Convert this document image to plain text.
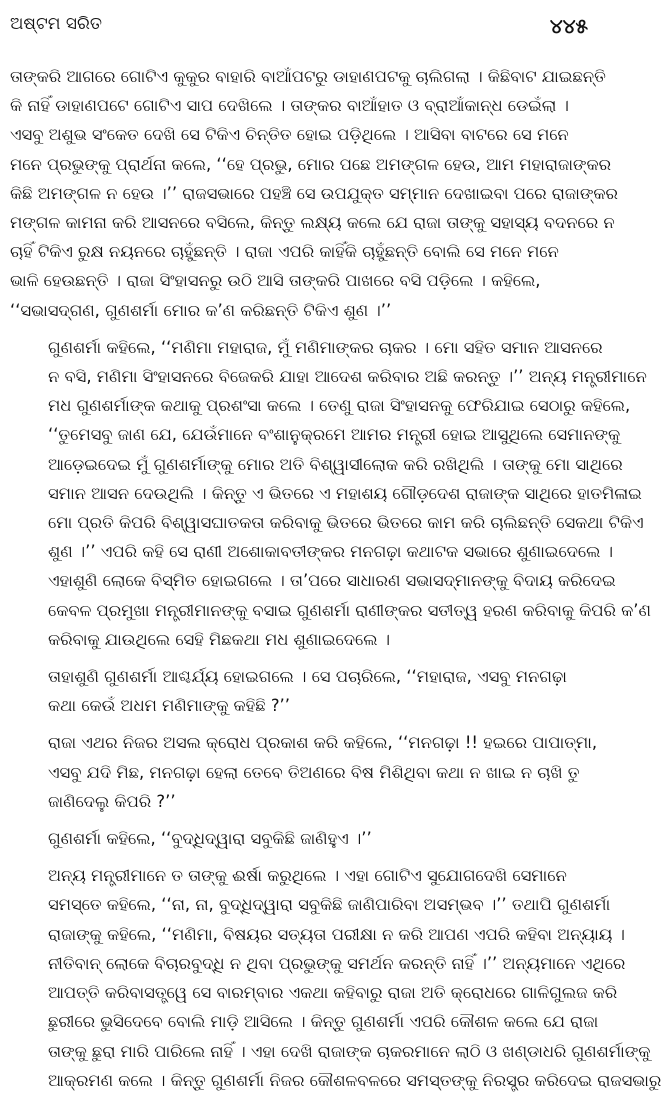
ଅଷ୍ଟମ ସରିତ	୪୪୫

ତାଙ୍କରି ଆଗରେ ଗୋଟିଏ କୁକୁର ବାହାରି ବାଆଁପଟରୁ ଡାହାଣପଟକୁ ଚାଲିଗଲା । କିଛିବାଟ ଯାଇଛନ୍ତି
କି ନାହିଁ ଡାହାଣପଟେ ଗୋଟିଏ ସାପ ଦେଖିଲେ । ତାଙ୍କର ବାଆଁହାତ ଓ ବ୍ରାଆଁକାନ୍ଧ ଡେଇଁଲା ।
ଏସବୁ ଅଶୁଭ ସଂକେତ ଦେଖି ସେ ଟିକିଏ ଚିନ୍ତିତ ହୋଇ ପଡ଼ିଥିଲେ । ଆସିବା ବାଟରେ ସେ ମନେ
ମନେ ପ୍ରଭୁଙ୍କୁ ପ୍ରାର୍ଥନା କଲେ, ‘‘ହେ ପ୍ରଭୁ, ମୋର ପଛେ ଅମଙ୍ଗଳ ହେଉ, ଆମ ମହାରାଜାଙ୍କର
କିଛି ଅମଙ୍ଗଳ ନ ହେଉ ।’’ ରାଜସଭାରେ ପହଞ୍ଚି ସେ ଉପଯୁକ୍ତ ସମ୍ମାନ ଦେଖାଇବା ପରେ ରାଜାଙ୍କର
ମଙ୍ଗଳ କାମନା କରି ଆସନରେ ବସିଲେ, କିନ୍ତୁ ଲକ୍ଷ୍ୟ କଲେ ଯେ ରାଜା ତାଙ୍କୁ ସହାସ୍ୟ ବଦନରେ ନ
ଚାହିଁ ଟିକିଏ ରୁକ୍ଷ ନୟନରେ ଚାହୁଁଛନ୍ତି । ରାଜା ଏପରି କାହିଁକି ଚାହୁଁଛନ୍ତି ବୋଲି ସେ ମନେ ମନେ
ଭାଳି ହେଉଛନ୍ତି । ରାଜା ସିଂହାସନରୁ ଉଠି ଆସି ତାଙ୍କରି ପାଖରେ ବସି ପଡ଼ିଲେ । କହିଲେ,
‘‘ସଭାସଦ୍‌ଗଣ, ଗୁଣଶର୍ମା ମୋର କ’ଣ କରିଛନ୍ତି ଟିକିଏ ଶୁଣ ।’’

ଗୁଣଶର୍ମା କହିଲେ, ‘‘ମଣିମା ମହାରାଜ, ମୁଁ ମଣିମାଙ୍କର ଚାକର । ମୋ ସହିତ ସମାନ ଆସନରେ
ନ ବସି, ମଣିମା ସିଂହାସନରେ ବିଜେକରି ଯାହା ଆଦେଶ କରିବାର ଅଛି କରନ୍ତୁ ।’’ ଅନ୍ୟ ମନ୍ତ୍ରୀମାନେ
ମଧ ଗୁଣଶର୍ମାଙ୍କ କଥାକୁ ପ୍ରଶଂସା କଲେ । ତେଣୁ ରାଜା ସିଂହାସନକୁ ଫେରିଯାଇ ସେଠାରୁ କହିଲେ,
‘‘ତୁମେସବୁ ଜାଣ ଯେ, ଯେଉଁମାନେ ବଂଶାନୁକ୍ରମେ ଆମର ମନ୍ତ୍ରୀ ହୋଇ ଆସୁଥିଲେ ସେମାନଙ୍କୁ
ଆଡ଼େଇଦେଇ ମୁଁ ଗୁଣଶର୍ମାଙ୍କୁ ମୋର ଅତି ବିଶ୍ୱାସୀଲୋକ କରି ରଖିଥିଲି । ତାଙ୍କୁ ମୋ ସାଥିରେ
ସମାନ ଆସନ ଦେଉଥିଲି । କିନ୍ତୁ ଏ ଭିତରେ ଏ ମହାଶୟ ଗୌଡ଼ଦେଶ ରାଜାଙ୍କ ସାଥିରେ ହାତମିଳାଇ
ମୋ ପ୍ରତି କିପରି ବିଶ୍ୱାସଘାତକତା କରିବାକୁ ଭିତରେ ଭିତରେ କାମ କରି ଚାଲିଛନ୍ତି ସେକଥା ଟିକିଏ
ଶୁଣ ।’’ ଏପରି କହି ସେ ରାଣୀ ଅଶୋକାବତୀଙ୍କର ମନଗଢ଼ା କଥାଟକ ସଭାରେ ଶୁଣାଇଦେଲେ ।
ଏହାଶୁଣି ଲୋକେ ବିସ୍ମିତ ହୋଇଗଲେ । ତା’ପରେ ସାଧାରଣ ସଭାସଦ୍‌ମାନଙ୍କୁ ବିଦାୟ କରିଦେଇ
କେବଳ ପ୍ରମୁଖା ମନ୍ତ୍ରୀମାନଙ୍କୁ ବସାଇ ଗୁଣଶର୍ମା ରାଣୀଙ୍କର ସତୀତ୍ୱ ହରଣ କରିବାକୁ କିପରି କ’ଣ
କରିବାକୁ ଯାଉଥିଲେ ସେହି ମିଛକଥା ମଧ ଶୁଣାଇଦେଲେ ।

ତାହାଶୁଣି ଗୁଣଶର୍ମା ଆଶ୍ଚର୍ଯ୍ୟ ହୋଇଗଲେ । ସେ ପଚାରିଲେ, ‘‘ମହାରାଜ, ଏସବୁ ମନଗଢ଼ା
କଥା କେଉଁ ଅଧମ ମଣିମାଙ୍କୁ କହିଛି ?’’

ରାଜା ଏଥର ନିଜର ଅସଲ କ୍ରୋଧ ପ୍ରକାଶ କରି କହିଲେ, ‘‘ମନଗଢ଼ା !! ହଇରେ ପାପାତ୍ମା,
ଏସବୁ ଯଦି ମିଛ, ମନଗଢ଼ା ହେଲା ତେବେ ତିଅଣରେ ବିଷ ମିଶିଥିବା କଥା ନ ଖାଇ ନ ଚାଖି ତୁ
ଜାଣିଦେଲୁ କିପରି ?’’

ଗୁଣଶର୍ମା କହିଲେ, ‘‘ବୁଦ୍ଧିଦ୍ୱାରା ସବୁକିଛି ଜାଣିହୁଏ ।’’

ଅନ୍ୟ ମନ୍ତ୍ରୀମାନେ ତ ତାଙ୍କୁ ଈର୍ଷା କରୁଥିଲେ । ଏହା ଗୋଟିଏ ସୁଯୋଗଦେଖି ସେମାନେ
ସମସ୍ତେ କହିଲେ, ‘‘ନା, ନା, ବୁଦ୍ଧିଦ୍ୱାରା ସବୁକିଛି ଜାଣିପାରିବା ଅସମ୍ଭବ ।’’ ତଥାପି ଗୁଣଶର୍ମା
ରାଜାଙ୍କୁ କହିଲେ, ‘‘ମଣିମା, ବିଷୟର ସତ୍ୟତା ପରୀକ୍ଷା ନ କରି ଆପଣ ଏପରି କହିବା ଅନ୍ୟାୟ ।
ନୀତିବାନ୍ ଲୋକେ ବିଚାରବୁଦ୍ଧି ନ ଥିବା ପ୍ରଭୁଙ୍କୁ ସମର୍ଥନ କରନ୍ତି ନାହିଁ ।’’ ଅନ୍ୟମାନେ ଏଥିରେ
ଆପତ୍ତି କରିବାସତ୍ତ୍ୱେ ସେ ବାରମ୍ବାର ଏକଥା କହିବାରୁ ରାଜା ଅତି କ୍ରୋଧରେ ଗାଳିଗୁଲଜ କରି
ଛୁରୀରେ ଭୁସିଦେବେ ବୋଲି ମାଡ଼ି ଆସିଲେ । କିନ୍ତୁ ଗୁଣଶର୍ମା ଏପରି କୌଶଳ କଲେ ଯେ ରାଜା
ତାଙ୍କୁ ଛୁରା ମାରି ପାରିଲେ ନାହିଁ । ଏହା ଦେଖି ରାଜାଙ୍କ ଚାକରମାନେ ଲାଠି ଓ ଖଣ୍ଡାଧରି ଗୁଣଶର୍ମାଙ୍କୁ
ଆକ୍ରମଣ କଲେ । କିନ୍ତୁ ଗୁଣଶର୍ମା ନିଜର କୌଶଳବଳରେ ସମସ୍ତଙ୍କୁ ନିରସ୍ତ୍ର କରିଦେଇ ରାଜସଭାରୁ
